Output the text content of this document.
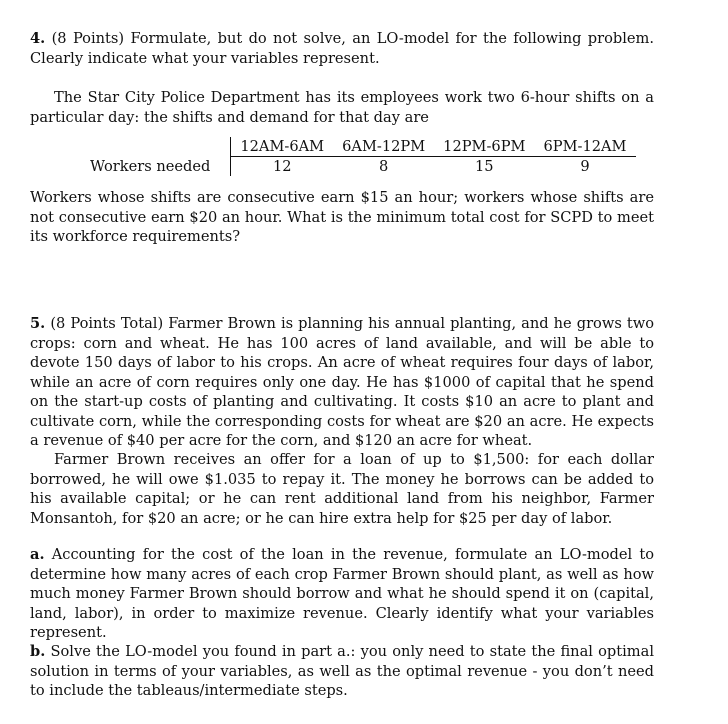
4. (8 Points) Formulate, but do not solve, an LO-model for the following problem. Clearly indicate what your variables represent.

The Star City Police Department has its employees work two 6-hour shifts on a particular day: the shifts and demand for that day are

	12AM-6AM	6AM-12PM	12PM-6PM	6PM-12AM
Workers needed	12	8	15	9

Workers whose shifts are consecutive earn $15 an hour; workers whose shifts are not consecutive earn $20 an hour. What is the minimum total cost for SCPD to meet its workforce requirements?

5. (8 Points Total) Farmer Brown is planning his annual planting, and he grows two crops: corn and wheat. He has 100 acres of land available, and will be able to devote 150 days of labor to his crops. An acre of wheat requires four days of labor, while an acre of corn requires only one day. He has $1000 of capital that he spend on the start-up costs of planting and cultivating. It costs $10 an acre to plant and cultivate corn, while the corresponding costs for wheat are $20 an acre. He expects a revenue of $40 per acre for the corn, and $120 an acre for wheat.

Farmer Brown receives an offer for a loan of up to $1,500: for each dollar borrowed, he will owe $1.035 to repay it. The money he borrows can be added to his available capital; or he can rent additional land from his neighbor, Farmer Monsantoh, for $20 an acre; or he can hire extra help for $25 per day of labor.

a. Accounting for the cost of the loan in the revenue, formulate an LO-model to determine how many acres of each crop Farmer Brown should plant, as well as how much money Farmer Brown should borrow and what he should spend it on (capital, land, labor), in order to maximize revenue. Clearly identify what your variables represent.

b. Solve the LO-model you found in part a.: you only need to state the final optimal solution in terms of your variables, as well as the optimal revenue - you don’t need to include the tableaus/intermediate steps.
